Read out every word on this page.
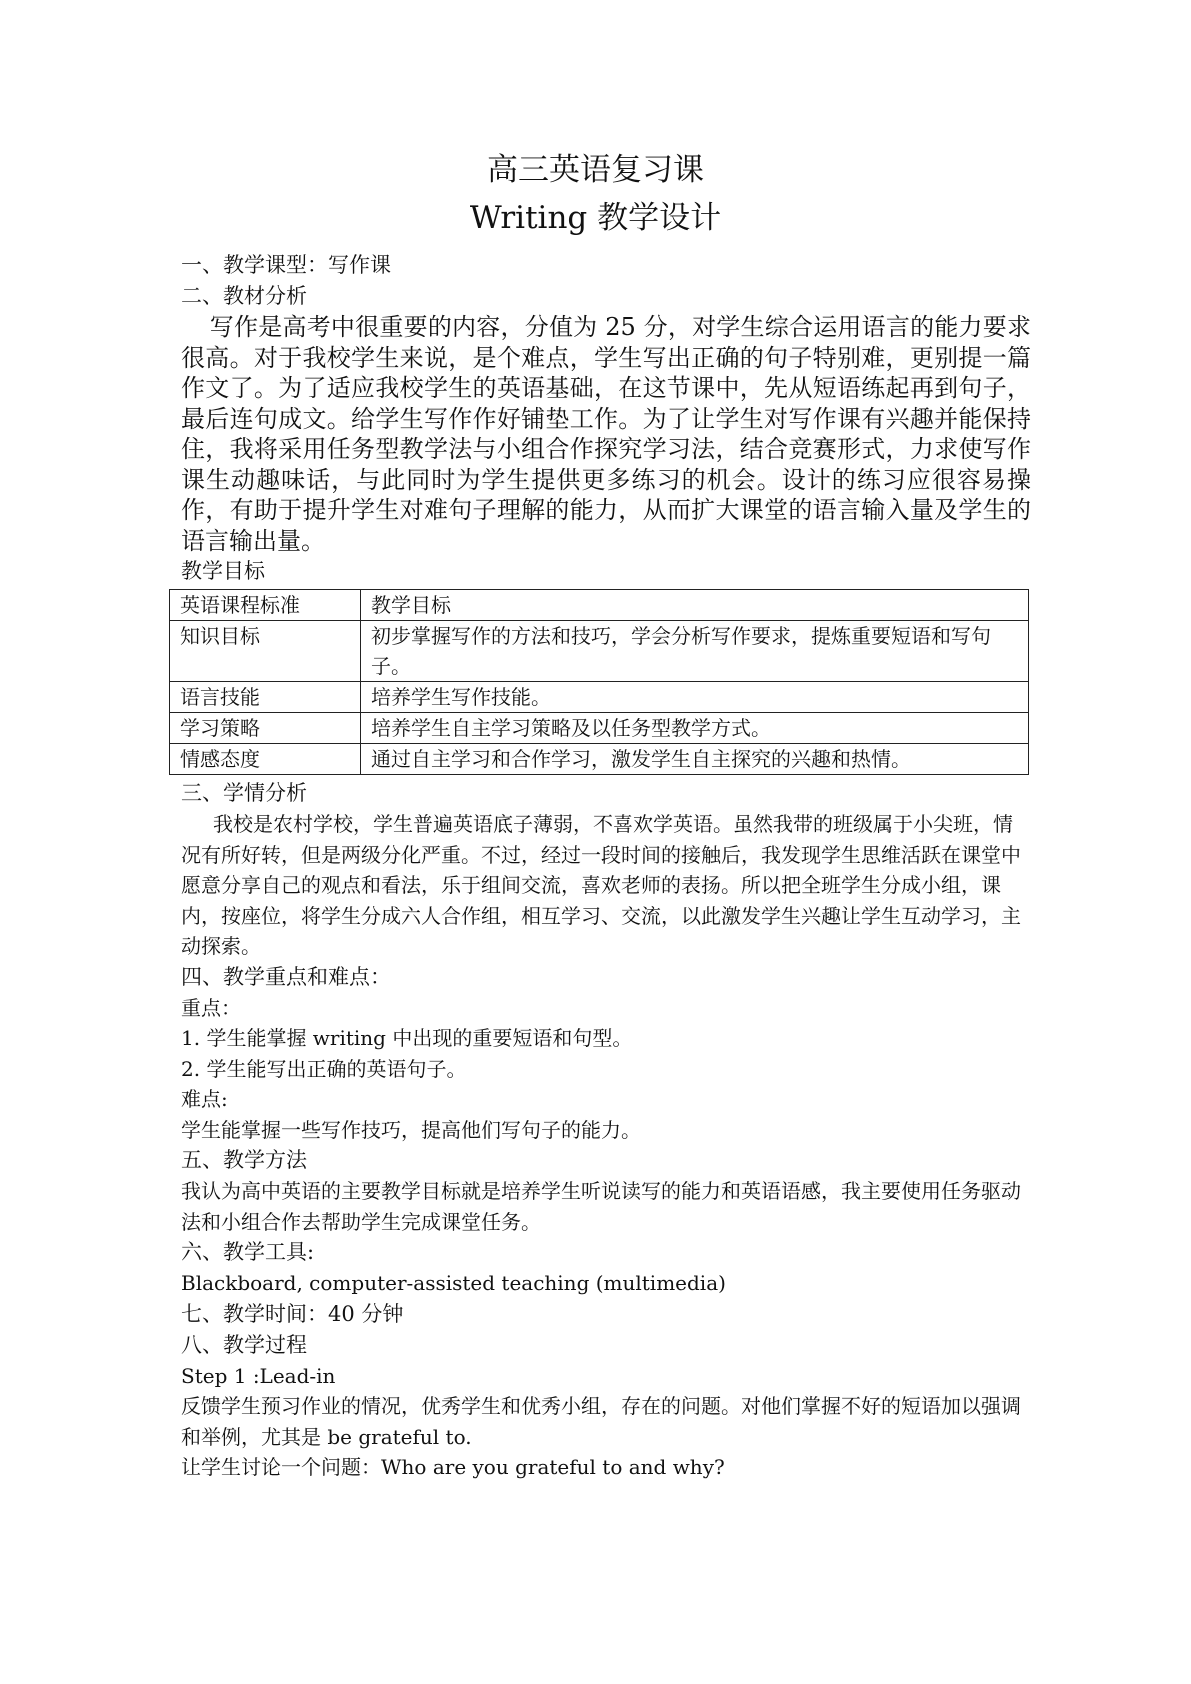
高三英语复习课
Writing 教学设计

一、教学课型：写作课

二、教材分析

写作是高考中很重要的内容，分值为 25 分，对学生综合运用语言的能力要求很高。对于我校学生来说，是个难点，学生写出正确的句子特别难，更别提一篇作文了。为了适应我校学生的英语基础，在这节课中，先从短语练起再到句子，最后连句成文。给学生写作作好铺垫工作。为了让学生对写作课有兴趣并能保持住，我将采用任务型教学法与小组合作探究学习法，结合竞赛形式，力求使写作课生动趣味话，与此同时为学生提供更多练习的机会。设计的练习应很容易操作，有助于提升学生对难句子理解的能力，从而扩大课堂的语言输入量及学生的语言输出量。

教学目标

英语课程标准	教学目标
知识目标	初步掌握写作的方法和技巧，学会分析写作要求，提炼重要短语和写句子。
语言技能	培养学生写作技能。
学习策略	培养学生自主学习策略及以任务型教学方式。
情感态度	通过自主学习和合作学习，激发学生自主探究的兴趣和热情。

三、学情分析

我校是农村学校，学生普遍英语底子薄弱，不喜欢学英语。虽然我带的班级属于小尖班，情况有所好转，但是两级分化严重。不过，经过一段时间的接触后，我发现学生思维活跃在课堂中愿意分享自己的观点和看法，乐于组间交流，喜欢老师的表扬。所以把全班学生分成小组，课内，按座位，将学生分成六人合作组，相互学习、交流，以此激发学生兴趣让学生互动学习，主动探索。

四、教学重点和难点：

重点：

1. 学生能掌握 writing 中出现的重要短语和句型。

2. 学生能写出正确的英语句子。

难点:

学生能掌握一些写作技巧，提高他们写句子的能力。

五、教学方法

我认为高中英语的主要教学目标就是培养学生听说读写的能力和英语语感，我主要使用任务驱动法和小组合作去帮助学生完成课堂任务。

六、教学工具:

Blackboard, computer-assisted teaching (multimedia)

七、教学时间：40 分钟

八、教学过程

Step 1 :Lead-in

反馈学生预习作业的情况，优秀学生和优秀小组，存在的问题。对他们掌握不好的短语加以强调和举例，尤其是 be grateful to.

让学生讨论一个问题：Who are you grateful to and why?
